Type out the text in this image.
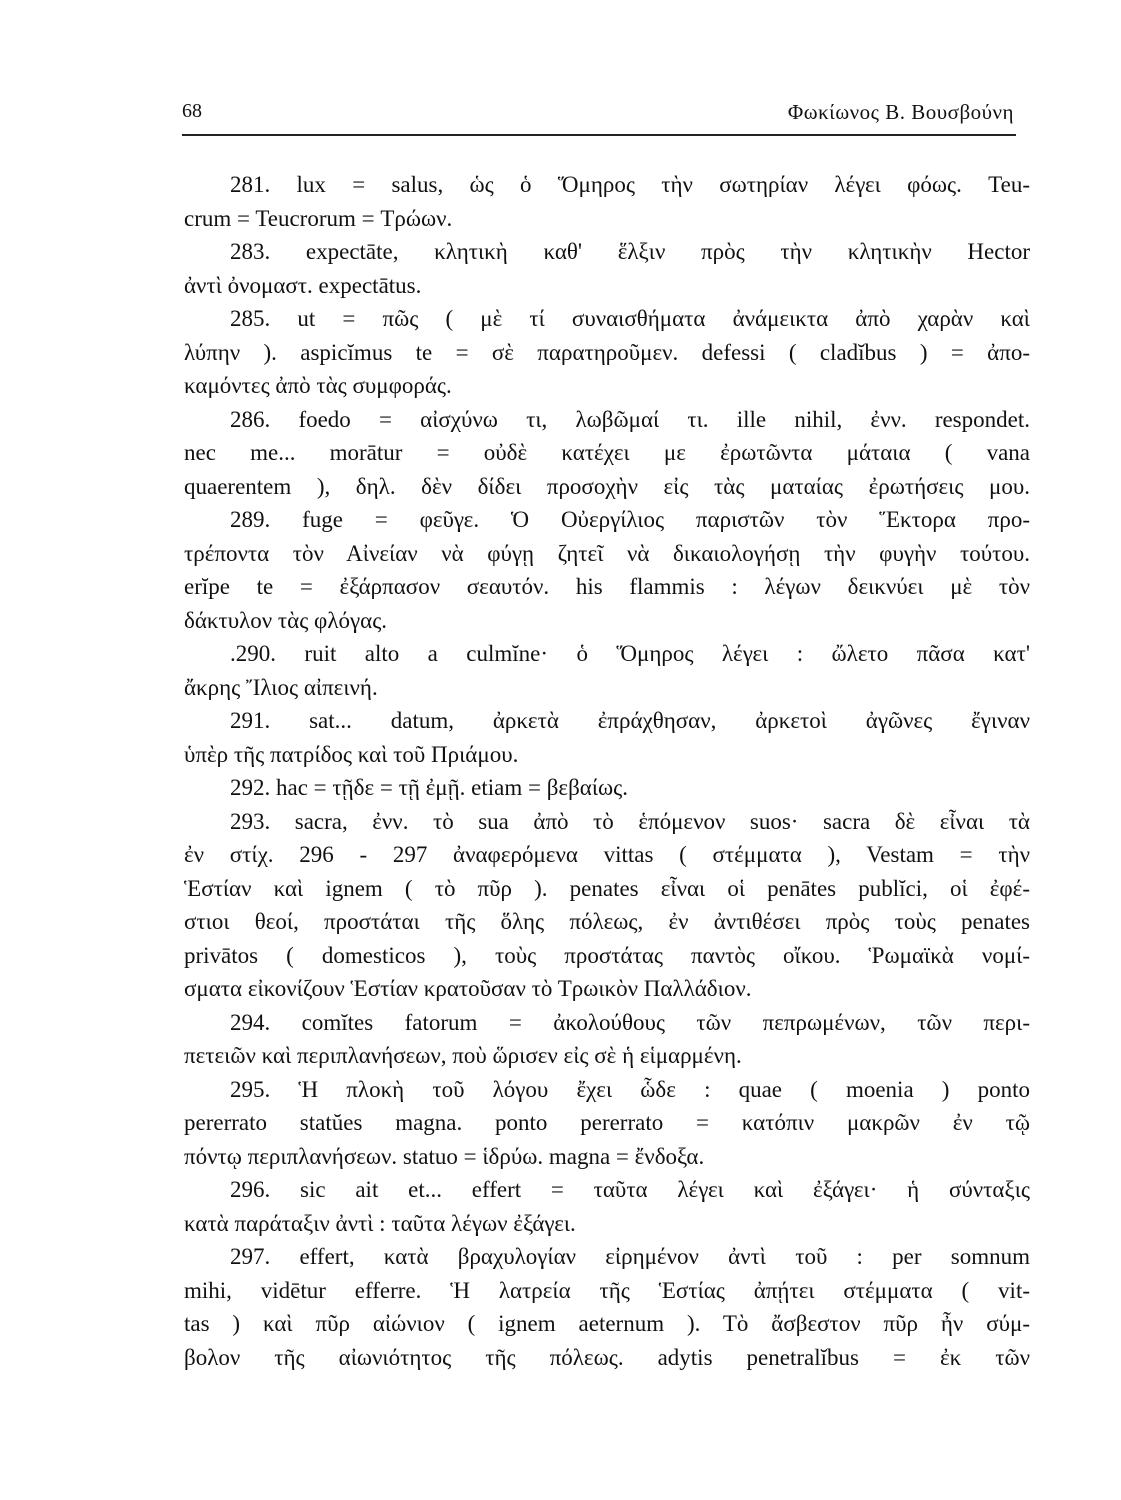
68	Φωκίωνος Β. Βουσβούνη
281. lux = salus, ὡς ὁ Ὅμηρος τὴν σωτηρίαν λέγει φόως. Teu-
crum = Teucrorum = Τρώων.
283. expectāte, κλητικὴ καθ' ἕλξιν πρὸς τὴν κλητικὴν Hector
ἀντὶ ὀνομαστ. expectātus.
285. ut = πῶς ( μὲ τί συναισθήματα ἀνάμεικτα ἀπὸ χαρὰν καὶ
λύπην ). aspicĭmus te = σὲ παρατηροῦμεν. defessi ( cladĭbus ) = ἀπο-
καμόντες ἀπὸ τὰς συμφοράς.
286. foedo = αἰσχύνω τι, λωβῶμαί τι. ille nihil, ἐνν. respondet.
nec me... morātur = οὐδὲ κατέχει με ἐρωτῶντα μάταια ( vana
quaerentem ), δηλ. δὲν δίδει προσοχὴν εἰς τὰς ματαίας ἐρωτήσεις μου.
289. fuge = φεῦγε. Ὁ Οὐεργίλιος παριστῶν τὸν Ἕκτορα προ-
τρέποντα τὸν Αἰνείαν νὰ φύγῃ ζητεῖ νὰ δικαιολογήσῃ τὴν φυγὴν τούτου.
erĭpe te = ἐξάρπασον σεαυτόν. his flammis : λέγων δεικνύει μὲ τὸν
δάκτυλον τὰς φλόγας.
.290. ruit alto a culmĭne· ὁ Ὅμηρος λέγει : ὤλετο πᾶσα κατ'
ἄκρης Ἴλιος αἰπεινή.
291. sat... datum, ἀρκετὰ ἐπράχθησαν, ἀρκετοὶ ἀγῶνες ἔγιναν
ὑπὲρ τῆς πατρίδος καὶ τοῦ Πριάμου.
292. hac = τῇδε = τῇ ἐμῇ. etiam = βεβαίως.
293. sacra, ἐνν. τὸ sua ἀπὸ τὸ ἑπόμενον suos· sacra δὲ εἶναι τὰ
ἐν στίχ. 296 - 297 ἀναφερόμενα vittas ( στέμματα ), Vestam = τὴν
Ἑστίαν καὶ ignem ( τὸ πῦρ ). penates εἶναι οἱ penātes publĭci, οἱ ἐφέ-
στιοι θεοί, προστάται τῆς ὅλης πόλεως, ἐν ἀντιθέσει πρὸς τοὺς penates
privātos ( domesticos ), τοὺς προστάτας παντὸς οἴκου. Ῥωμαϊκὰ νομί-
σματα εἰκονίζουν Ἑστίαν κρατοῦσαν τὸ Τρωικὸν Παλλάδιον.
294. comĭtes fatorum = ἀκολούθους τῶν πεπρωμένων, τῶν περι-
πετειῶν καὶ περιπλανήσεων, ποὺ ὥρισεν εἰς σὲ ἡ εἱμαρμένη.
295. Ἡ πλοκὴ τοῦ λόγου ἔχει ὧδε : quae ( moenia ) ponto
pererrato statŭes magna. ponto pererrato = κατόπιν μακρῶν ἐν τῷ
πόντῳ περιπλανήσεων. statuo = ἱδρύω. magna = ἔνδοξα.
296. sic ait et... effert = ταῦτα λέγει καὶ ἐξάγει· ἡ σύνταξις
κατὰ παράταξιν ἀντὶ : ταῦτα λέγων ἐξάγει.
297. effert, κατὰ βραχυλογίαν εἰρημένον ἀντὶ τοῦ : per somnum
mihi, vidētur efferre. Ἡ λατρεία τῆς Ἑστίας ἀπῄτει στέμματα ( vit-
tas ) καὶ πῦρ αἰώνιον ( ignem aeternum ). Τὸ ἄσβεστον πῦρ ἦν σύμ-
βολον τῆς αἰωνιότητος τῆς πόλεως. adytis penetralĭbus = ἐκ τῶν
